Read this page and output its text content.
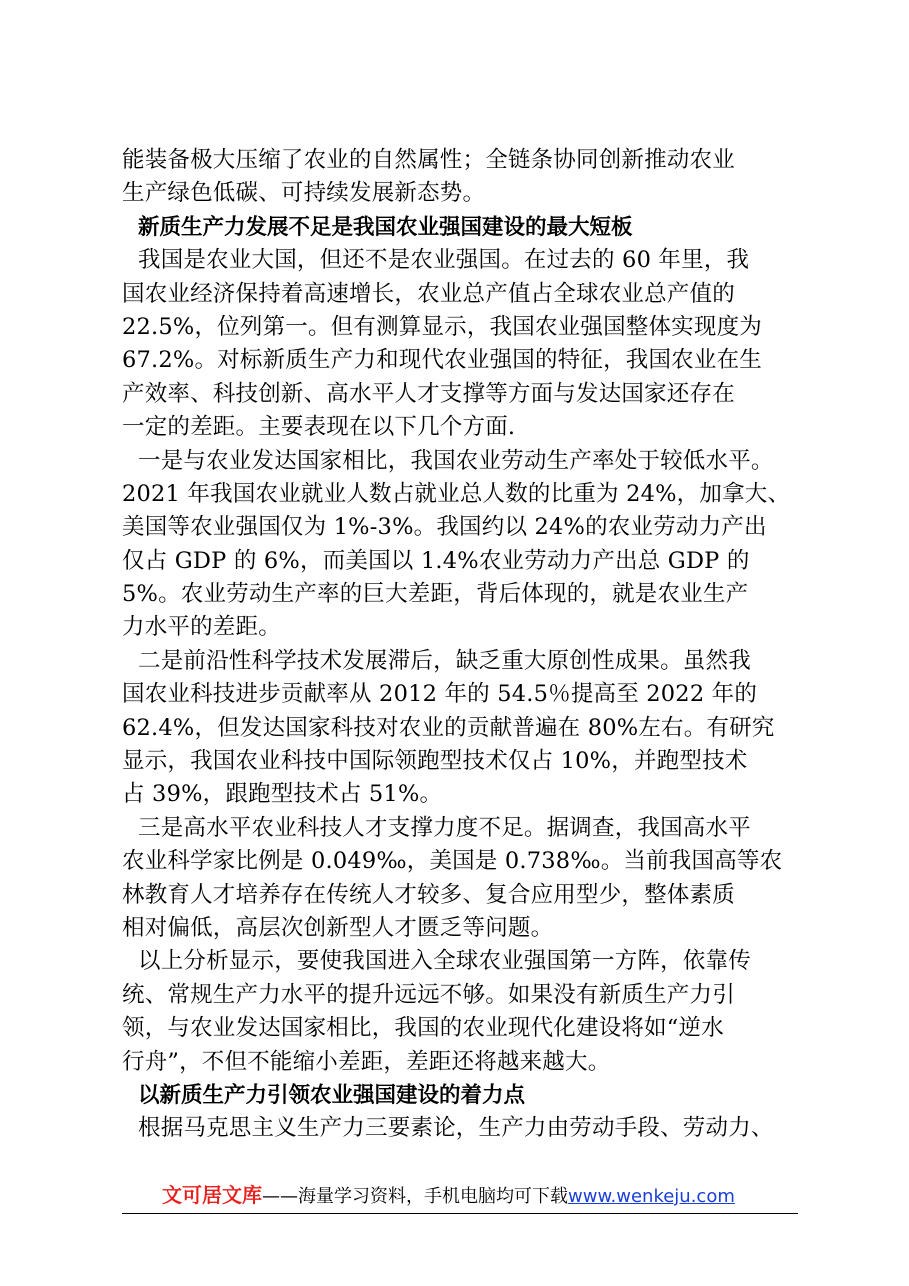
能装备极大压缩了农业的自然属性；全链条协同创新推动农业
生产绿色低碳、可持续发展新态势。
新质生产力发展不足是我国农业强国建设的最大短板
我国是农业大国，但还不是农业强国。在过去的 60 年里，我
国农业经济保持着高速增长，农业总产值占全球农业总产值的
22.5%，位列第一。但有测算显示，我国农业强国整体实现度为
67.2%。对标新质生产力和现代农业强国的特征，我国农业在生
产效率、科技创新、高水平人才支撑等方面与发达国家还存在
一定的差距。主要表现在以下几个方面.
一是与农业发达国家相比，我国农业劳动生产率处于较低水平。
2021 年我国农业就业人数占就业总人数的比重为 24%，加拿大、
美国等农业强国仅为 1%-3%。我国约以 24%的农业劳动力产出
仅占 GDP 的 6%，而美国以 1.4%农业劳动力产出总 GDP 的
5%。农业劳动生产率的巨大差距，背后体现的，就是农业生产
力水平的差距。
二是前沿性科学技术发展滞后，缺乏重大原创性成果。虽然我
国农业科技进步贡献率从 2012 年的 54.5％提高至 2022 年的
62.4%，但发达国家科技对农业的贡献普遍在 80%左右。有研究
显示，我国农业科技中国际领跑型技术仅占 10%，并跑型技术
占 39%，跟跑型技术占 51%。
三是高水平农业科技人才支撑力度不足。据调查，我国高水平
农业科学家比例是 0.049‰，美国是 0.738‰。当前我国高等农
林教育人才培养存在传统人才较多、复合应用型少，整体素质
相对偏低，高层次创新型人才匮乏等问题。
以上分析显示，要使我国进入全球农业强国第一方阵，依靠传
统、常规生产力水平的提升远远不够。如果没有新质生产力引
领，与农业发达国家相比，我国的农业现代化建设将如“逆水
行舟”，不但不能缩小差距，差距还将越来越大。
以新质生产力引领农业强国建设的着力点
根据马克思主义生产力三要素论，生产力由劳动手段、劳动力、
文可居文库——海量学习资料，手机电脑均可下载www.wenkeju.com
